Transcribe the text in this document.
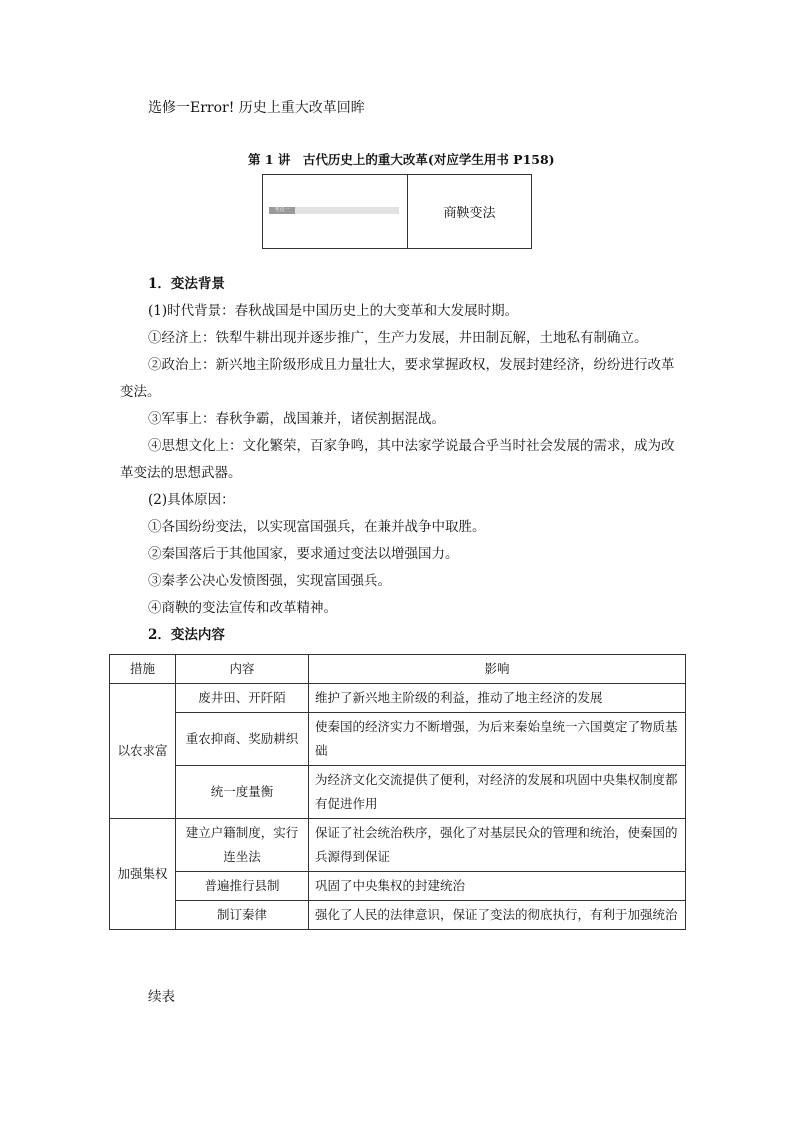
选修一Error! 历史上重大改革回眸
第 1 讲　古代历史上的重大改革(对应学生用书 P158)
考点一	商鞅变法
1．变法背景
(1)时代背景：春秋战国是中国历史上的大变革和大发展时期。
①经济上：铁犁牛耕出现并逐步推广，生产力发展，井田制瓦解，土地私有制确立。
②政治上：新兴地主阶级形成且力量壮大，要求掌握政权，发展封建经济，纷纷进行改革变法。
③军事上：春秋争霸，战国兼并，诸侯割据混战。
④思想文化上：文化繁荣，百家争鸣，其中法家学说最合乎当时社会发展的需求，成为改革变法的思想武器。
(2)具体原因：
①各国纷纷变法，以实现富国强兵，在兼并战争中取胜。
②秦国落后于其他国家，要求通过变法以增强国力。
③秦孝公决心发愤图强，实现富国强兵。
④商鞅的变法宣传和改革精神。
2．变法内容
措施	内容	影响
以农求富	废井田、开阡陌	维护了新兴地主阶级的利益，推动了地主经济的发展
	重农抑商、奖励耕织	使秦国的经济实力不断增强，为后来秦始皇统一六国奠定了物质基础
	统一度量衡	为经济文化交流提供了便利，对经济的发展和巩固中央集权制度都有促进作用
加强集权	建立户籍制度，实行连坐法	保证了社会统治秩序，强化了对基层民众的管理和统治，使秦国的兵源得到保证
	普遍推行县制	巩固了中央集权的封建统治
	制订秦律	强化了人民的法律意识，保证了变法的彻底执行，有利于加强统治
续表
